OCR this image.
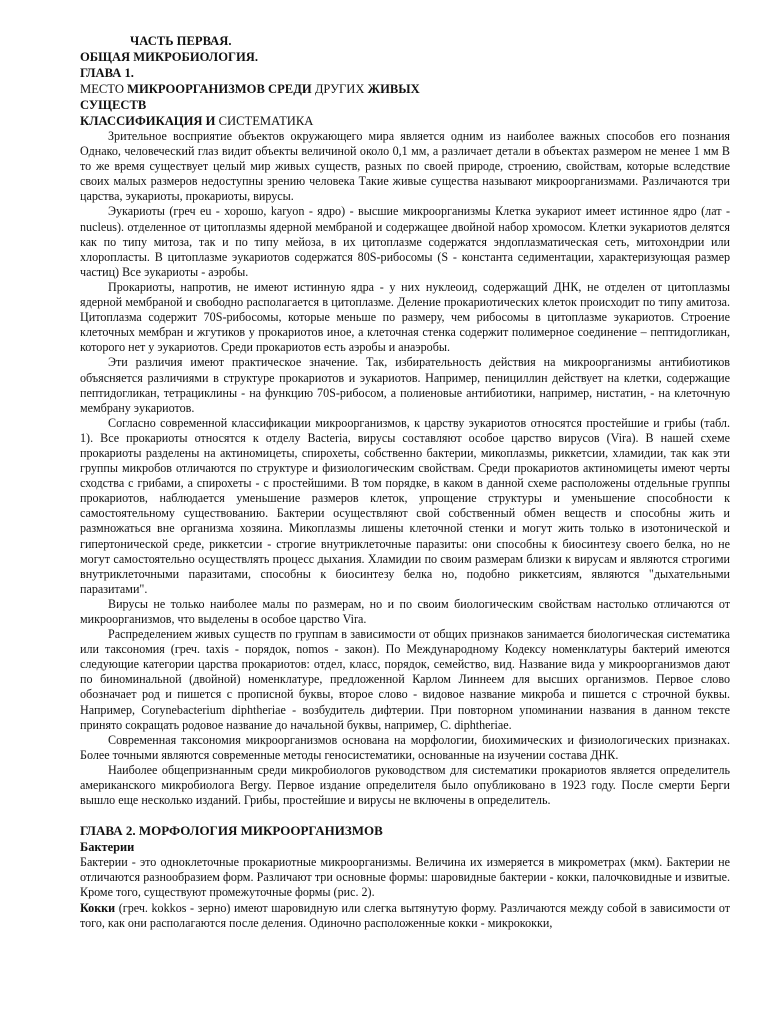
ЧАСТЬ ПЕРВАЯ.

ОБЩАЯ МИКРОБИОЛОГИЯ.

ГЛАВА 1.

МЕСТО МИКРООРГАНИЗМОВ СРЕДИ ДРУГИХ ЖИВЫХ

СУЩЕСТВ

КЛАССИФИКАЦИЯ И СИСТЕМАТИКА

Зрительное восприятие объектов окружающего мира является одним из наиболее важных способов его познания Однако, человеческий глаз видит объекты величиной около 0,1 мм, а различает детали в объектах размером не менее 1 мм В то же время существует целый мир живых существ, разных по своей природе, строению, свойствам, которые вследствие своих малых размеров недоступны зрению человека Такие живые существа называют микроорганизмами. Различаются три царства, эукариоты, прокариоты, вирусы.

Эукариоты (греч eu - хорошо, karyon - ядро) - высшие микроорганизмы Клетка эукариот имеет истинное ядро (лат - nucleus). отделенное от цитоплазмы ядерной мембраной и содержащее двойной набор хромосом. Клетки эукариотов делятся как по типу митоза, так и по типу мейоза, в их цитоплазме содержатся эндоплазматическая сеть, митохондрии или хлоропласты. В цитоплазме эукариотов содержатся 80S-рибосомы (S - константа седиментации, характеризующая размер частиц) Все эукариоты - аэробы.

Прокариоты, напротив, не имеют истинную ядра - у них нуклеоид, содержащий ДНК, не отделен от цитоплазмы ядерной мембраной и свободно располагается в цитоплазме. Деление прокариотических клеток происходит по типу амитоза. Цитоплазма содержит 70S-рибосомы, которые меньше по размеру, чем рибосомы в цитоплазме эукариотов. Строение клеточных мембран и жгутиков у прокариотов иное, а клеточная стенка содержит полимерное соединение – пептидогликан, которого нет у эукариотов. Среди прокариотов есть аэробы и анаэробы.

Эти различия имеют практическое значение. Так, избирательность действия на микроорганизмы антибиотиков объясняется различиями в структуре прокариотов и эукариотов. Например, пенициллин действует на клетки, содержащие пептидогликан, тетрациклины - на функцию 70S-рибосом, а полиеновые антибиотики, например, нистатин, - на клеточную мембрану эукариотов.

Согласно современной классификации микроорганизмов, к царству эукариотов относятся простейшие и грибы (табл. 1). Все прокариоты относятся к отделу Bacteria, вирусы составляют особое царство вирусов (Vira). В нашей схеме прокариоты разделены на актиномицеты, спирохеты, собственно бактерии, микоплазмы, риккетсии, хламидии, так как эти группы микробов отличаются по структуре и физиологическим свойствам. Среди прокариотов актиномицеты имеют черты сходства с грибами, а спирохеты - с простейшими. В том порядке, в каком в данной схеме расположены отдельные группы прокариотов, наблюдается уменьшение размеров клеток, упрощение структуры и уменьшение способности к самостоятельному существованию. Бактерии осуществляют свой собственный обмен веществ и способны жить и размножаться вне организма хозяина. Микоплазмы лишены клеточной стенки и могут жить только в изотонической и гипертонической среде, риккетсии - строгие внутриклеточные паразиты: они способны к биосинтезу своего белка, но не могут самостоятельно осуществлять процесс дыхания. Хламидии по своим размерам близки к вирусам и являются строгими внутриклеточными паразитами, способны к биосинтезу белка но, подобно риккетсиям, являются "дыхательными паразитами".

Вирусы не только наиболее малы по размерам, но и по своим биологическим свойствам настолько отличаются от микроорганизмов, что выделены в особое царство Vira.

Распределением живых существ по группам в зависимости от общих признаков занимается биологическая систематика или таксономия (греч. taxis - порядок, nomos - закон). По Международному Кодексу номенклатуры бактерий имеются следующие категории царства прокариотов: отдел, класс, порядок, семейство, вид. Название вида у микроорганизмов дают по биноминальной (двойной) номенклатуре, предложенной Карлом Линнеем для высших организмов. Первое слово обозначает род и пишется с прописной буквы, второе слово - видовое название микроба и пишется с строчной буквы. Например, Corynebacterium diphtheriae - возбудитель дифтерии. При повторном упоминании названия в данном тексте принято сокращать родовое название до начальной буквы, например, C. diphtheriae.

Современная таксономия микроорганизмов основана на морфологии, биохимических и физиологических признаках. Более точными являются современные методы геносистематики, основанные на изучении состава ДНК.

Наиболее общепризнанным среди микробиологов руководством для систематики прокариотов является определитель американского микробиолога Bergy. Первое издание определителя было опубликовано в 1923 году. После смерти Берги вышло еще несколько изданий. Грибы, простейшие и вирусы не включены в определитель.

ГЛАВА 2. МОРФОЛОГИЯ МИКРООРГАНИЗМОВ

Бактерии

Бактерии - это одноклеточные прокариотные микроорганизмы. Величина их измеряется в микрометрах (мкм). Бактерии не отличаются разнообразием форм. Различают три основные формы: шаровидные бактерии - кокки, палочковидные и извитые. Кроме того, существуют промежуточные формы (рис. 2).

Кокки (греч. kokkos - зерно) имеют шаровидную или слегка вытянутую форму. Различаются между собой в зависимости от того, как они располагаются после деления. Одиночно расположенные кокки - микрококки,
